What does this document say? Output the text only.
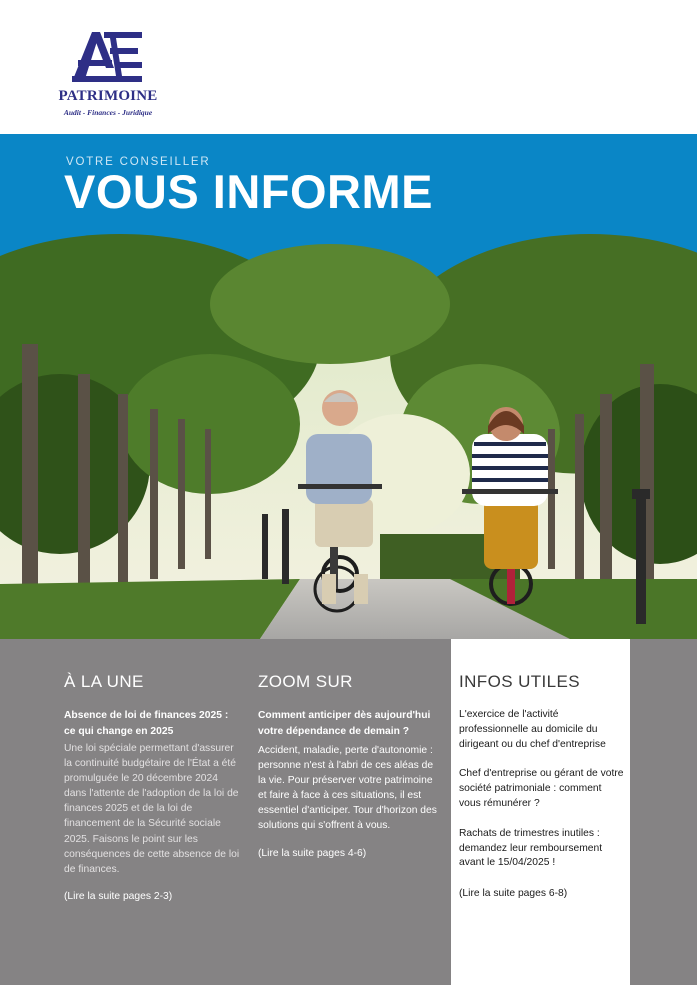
PATRIMOINE
Audit - Finances - Juridique
VOTRE CONSEILLER
VOUS INFORME
À LA UNE
Absence de loi de finances 2025 :
ce qui change en 2025
Une loi spéciale permettant d'assurer la continuité budgétaire de l'État a été promulguée le 20 décembre 2024 dans l'attente de l'adoption de la loi de finances 2025 et de la loi de financement de la Sécurité sociale 2025. Faisons le point sur les conséquences de cette absence de loi de finances.
(Lire la suite pages 2-3)
ZOOM SUR
Comment anticiper dès aujourd'hui votre dépendance de demain ?
Accident, maladie, perte d'autonomie : personne n'est à l'abri de ces aléas de la vie. Pour préserver votre patrimoine et faire à face à ces situations, il est essentiel d'anticiper. Tour d'horizon des solutions qui s'offrent à vous.
(Lire la suite pages 4-6)
INFOS UTILES
L'exercice de l'activité professionnelle au domicile du dirigeant ou du chef d'entreprise
Chef d'entreprise ou gérant de votre société patrimoniale : comment vous rémunérer ?
Rachats de trimestres inutiles : demandez leur remboursement avant le 15/04/2025 !
(Lire la suite pages 6-8)
